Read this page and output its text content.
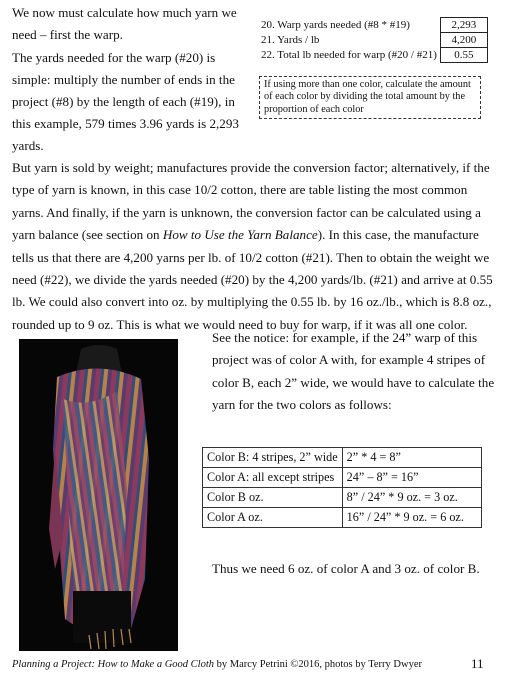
We now must calculate how much yarn we need – first the warp.

The yards needed for the warp (#20) is simple: multiply the number of ends in the project (#8) by the length of each (#19), in this example, 579 times 3.96 yards is 2,293 yards.

20. Warp yards needed (#8 * #19)	2,293
21. Yards / lb	4,200
22. Total lb needed for warp (#20 / #21)	0.55
If using more than one color, calculate the amount of each color by dividing the total amount by the proportion of each color

But yarn is sold by weight; manufactures provide the conversion factor; alternatively, if the type of yarn is known, in this case 10/2 cotton, there are table listing the most common yarns. And finally, if the yarn is unknown, the conversion factor can be calculated using a yarn balance (see section on How to Use the Yarn Balance). In this case, the manufacture tells us that there are 4,200 yarns per lb. of 10/2 cotton (#21). Then to obtain the weight we need (#22), we divide the yards needed (#20) by the 4,200 yards/lb. (#21) and arrive at 0.55 lb. We could also convert into oz. by multiplying the 0.55 lb. by 16 oz./lb., which is 8.8 oz., rounded up to 9 oz. This is what we would need to buy for warp, if it was all one color.

See the notice: for example, if the 24” warp of this project was of color A with, for example 4 stripes of color B, each 2” wide, we would have to calculate the yarn for the two colors as follows:

Color B: 4 stripes, 2” wide	2” * 4 = 8”
Color A: all except stripes	24” – 8” = 16”
Color B oz.	8” / 24” * 9 oz. = 3 oz.
Color A oz.	16” / 24” * 9 oz. = 6 oz.

Thus we need 6 oz. of color A and 3 oz. of color B.

Planning a Project: How to Make a Good Cloth by Marcy Petrini ©2016, photos by Terry Dwyer	11
